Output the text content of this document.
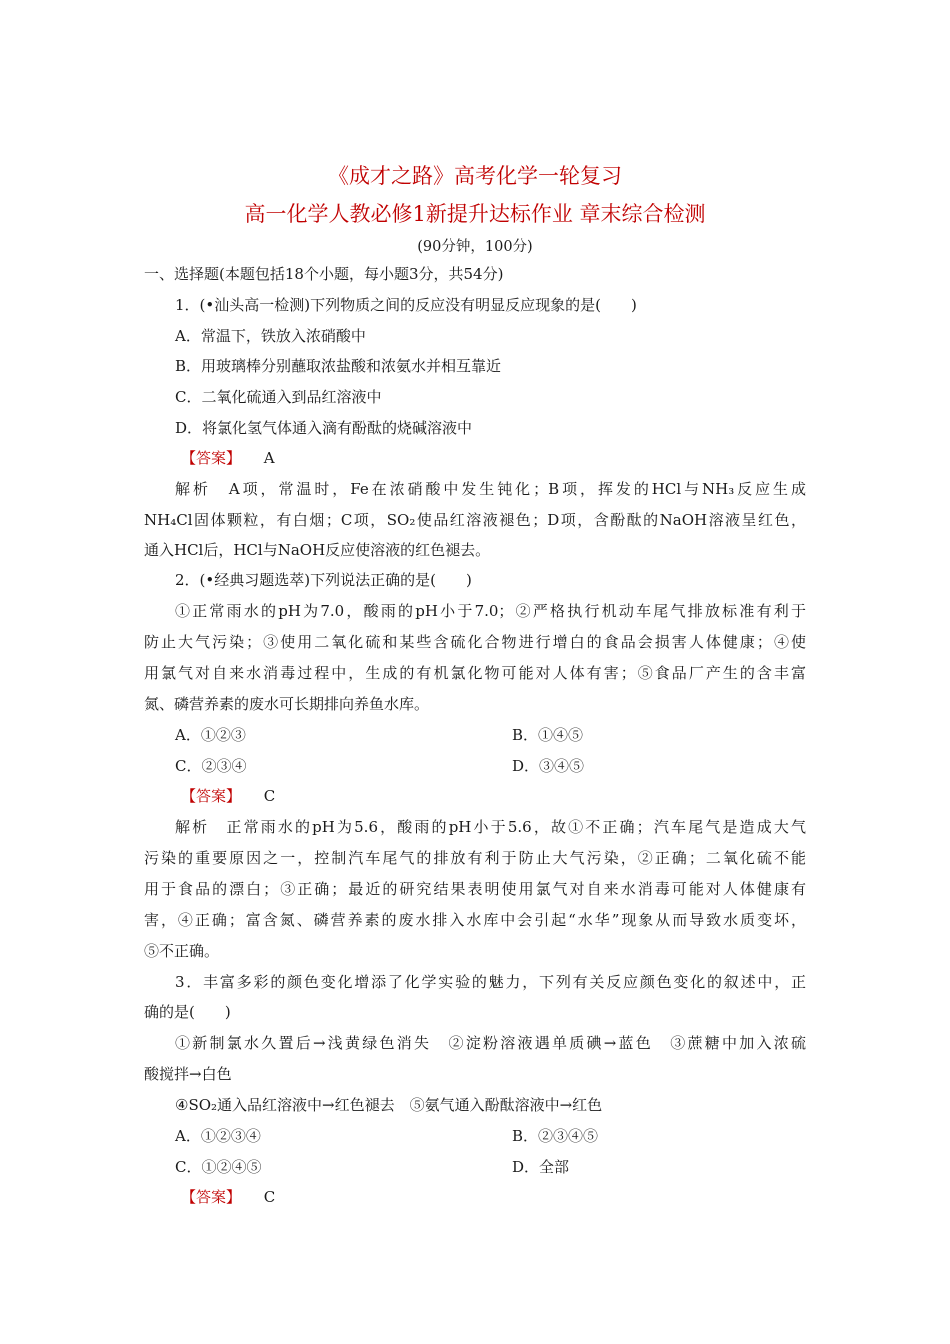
《成才之路》高考化学一轮复习
高一化学人教必修1新提升达标作业 章末综合检测
(90分钟，100分)
一、选择题(本题包括18个小题，每小题3分，共54分)
1．(•汕头高一检测)下列物质之间的反应没有明显反应现象的是(　　)
A．常温下，铁放入浓硝酸中
B．用玻璃棒分别蘸取浓盐酸和浓氨水并相互靠近
C．二氧化硫通入到品红溶液中
D．将氯化氢气体通入滴有酚酞的烧碱溶液中
【答案】 A
解析　A项，常温时，Fe在浓硝酸中发生钝化；B项，挥发的HCl与NH₃反应生成
NH₄Cl固体颗粒，有白烟；C项，SO₂使品红溶液褪色；D项，含酚酞的NaOH溶液呈红色，
通入HCl后，HCl与NaOH反应使溶液的红色褪去。
2．(•经典习题选萃)下列说法正确的是(　　)
①正常雨水的pH为7.0，酸雨的pH小于7.0；②严格执行机动车尾气排放标准有利于
防止大气污染；③使用二氧化硫和某些含硫化合物进行增白的食品会损害人体健康；④使
用氯气对自来水消毒过程中，生成的有机氯化物可能对人体有害；⑤食品厂产生的含丰富
氮、磷营养素的废水可长期排向养鱼水库。
A．①②③	B．①④⑤
C．②③④	D．③④⑤
【答案】 C
解析　正常雨水的pH为5.6，酸雨的pH小于5.6，故①不正确；汽车尾气是造成大气
污染的重要原因之一，控制汽车尾气的排放有利于防止大气污染，②正确；二氧化硫不能
用于食品的漂白；③正确；最近的研究结果表明使用氯气对自来水消毒可能对人体健康有
害，④正确；富含氮、磷营养素的废水排入水库中会引起“水华”现象从而导致水质变坏，
⑤不正确。
3．丰富多彩的颜色变化增添了化学实验的魅力，下列有关反应颜色变化的叙述中，正
确的是(　　)
①新制氯水久置后→浅黄绿色消失　②淀粉溶液遇单质碘→蓝色　③蔗糖中加入浓硫
酸搅拌→白色
④SO₂通入品红溶液中→红色褪去　⑤氨气通入酚酞溶液中→红色
A．①②③④	B．②③④⑤
C．①②④⑤	D．全部
【答案】 C
